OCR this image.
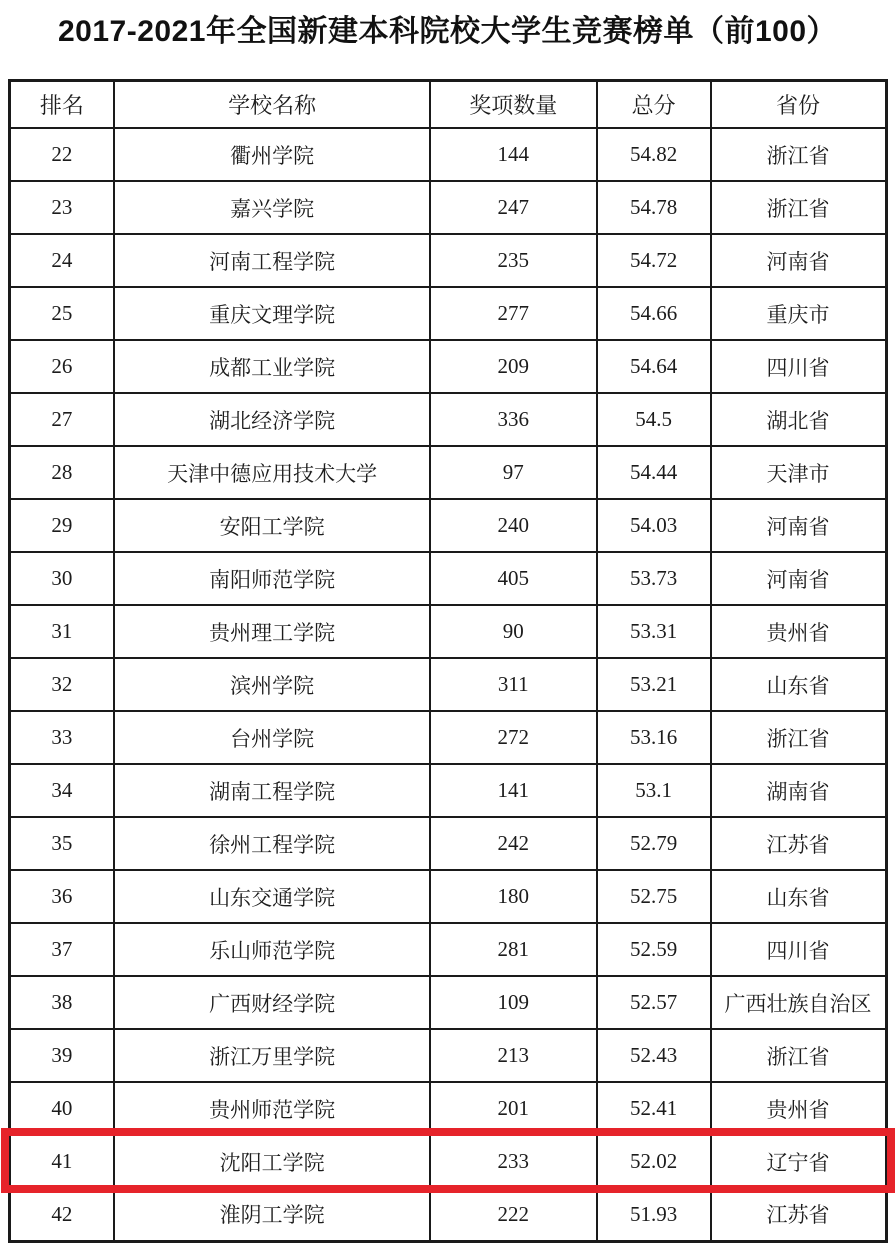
2017-2021年全国新建本科院校大学生竞赛榜单（前100）
排名	学校名称	奖项数量	总分	省份
22	衢州学院	144	54.82	浙江省
23	嘉兴学院	247	54.78	浙江省
24	河南工程学院	235	54.72	河南省
25	重庆文理学院	277	54.66	重庆市
26	成都工业学院	209	54.64	四川省
27	湖北经济学院	336	54.5	湖北省
28	天津中德应用技术大学	97	54.44	天津市
29	安阳工学院	240	54.03	河南省
30	南阳师范学院	405	53.73	河南省
31	贵州理工学院	90	53.31	贵州省
32	滨州学院	311	53.21	山东省
33	台州学院	272	53.16	浙江省
34	湖南工程学院	141	53.1	湖南省
35	徐州工程学院	242	52.79	江苏省
36	山东交通学院	180	52.75	山东省
37	乐山师范学院	281	52.59	四川省
38	广西财经学院	109	52.57	广西壮族自治区
39	浙江万里学院	213	52.43	浙江省
40	贵州师范学院	201	52.41	贵州省
41	沈阳工学院	233	52.02	辽宁省
42	淮阴工学院	222	51.93	江苏省
